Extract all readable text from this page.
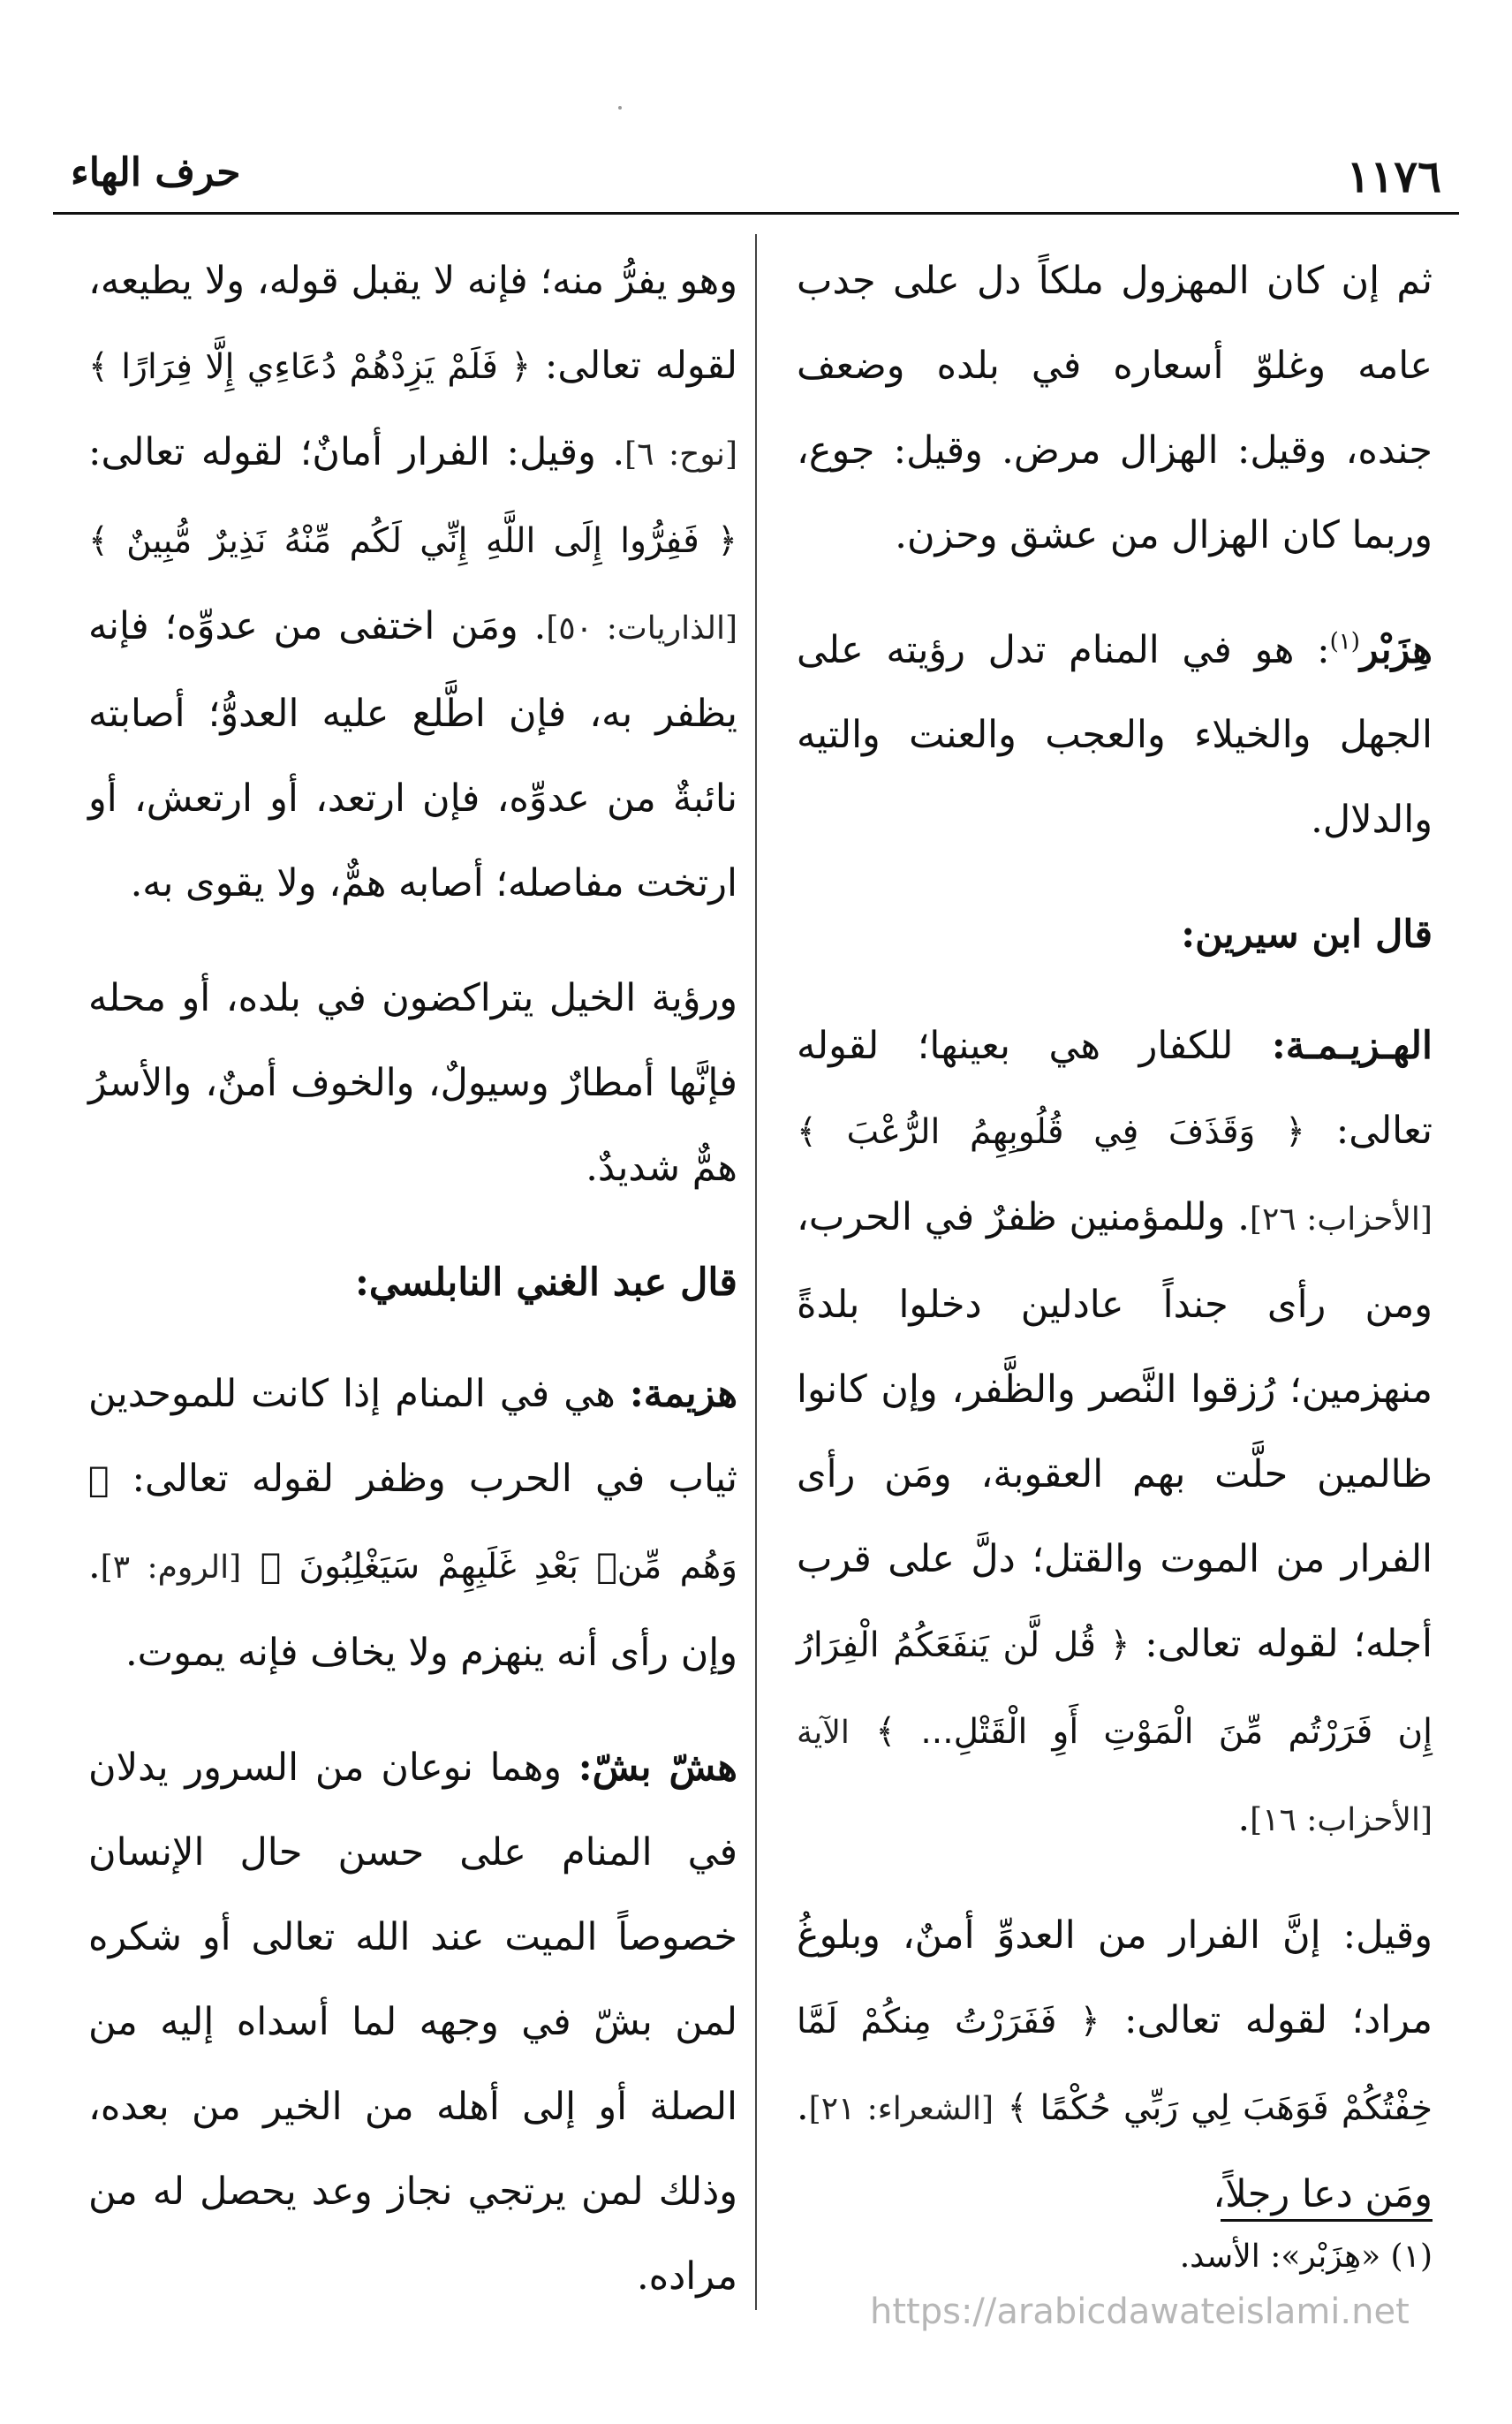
١١٧٦
حرف الهاء

ثم إن كان المهزول ملكاً دل على جدب عامه وغلوّ أسعاره في بلده وضعف جنده، وقيل: الهزال مرض. وقيل: جوع، وربما كان الهزال من عشق وحزن.

هِزَبْر$^{(١)}$: هو في المنام تدل رؤيته على الجهل والخيلاء والعجب والعنت والتيه والدلال.

قال ابن سيرين:

الهـزيـمـة: للكفار هي بعينها؛ لقوله تعالى: ﴿ وَقَذَفَ فِي قُلُوبِهِمُ الرُّعْبَ ﴾ [الأحزاب: ٢٦]. وللمؤمنين ظفرٌ في الحرب، ومن رأى جنداً عادلين دخلوا بلدةً منهزمين؛ رُزقوا النَّصر والظَّفر، وإن كانوا ظالمين حلَّت بهم العقوبة، ومَن رأى الفرار من الموت والقتل؛ دلَّ على قرب أجله؛ لقوله تعالى: ﴿ قُل لَّن يَنفَعَكُمُ الْفِرَارُ إِن فَرَرْتُم مِّنَ الْمَوْتِ أَوِ الْقَتْلِ... ﴾ الآية [الأحزاب: ١٦].

وقيل: إنَّ الفرار من العدوِّ أمنٌ، وبلوغُ مراد؛ لقوله تعالى: ﴿ فَفَرَرْتُ مِنكُمْ لَمَّا خِفْتُكُمْ فَوَهَبَ لِي رَبِّي حُكْمًا ﴾ [الشعراء: ٢١]. ومَن دعا رجلاً،

وهو يفرُّ منه؛ فإنه لا يقبل قوله، ولا يطيعه، لقوله تعالى: ﴿ فَلَمْ يَزِدْهُمْ دُعَاءِي إِلَّا فِرَارًا ﴾ [نوح: ٦]. وقيل: الفرار أمانٌ؛ لقوله تعالى: ﴿ فَفِرُّوا إِلَى اللَّهِ إِنِّي لَكُم مِّنْهُ نَذِيرٌ مُّبِينٌ ﴾ [الذاريات: ٥٠]. ومَن اختفى من عدوِّه؛ فإنه يظفر به، فإن اطَّلع عليه العدوُّ؛ أصابته نائبةٌ من عدوِّه، فإن ارتعد، أو ارتعش، أو ارتخت مفاصله؛ أصابه همٌّ، ولا يقوى به.

ورؤية الخيل يتراكضون في بلده، أو محله فإنَّها أمطارٌ وسيولٌ، والخوف أمنٌ، والأسرُ همٌّ شديدٌ.

قال عبد الغني النابلسي:

هزيمة: هي في المنام إذا كانت للموحدين ثياب في الحرب وظفر لقوله تعالى: ﴿ وَهُم مِّنۢ بَعْدِ غَلَبِهِمْ سَيَغْلِبُونَ ﴾ [الروم: ٣]. وإن رأى أنه ينهزم ولا يخاف فإنه يموت.

هشّ بشّ: وهما نوعان من السرور يدلان في المنام على حسن حال الإنسان خصوصاً الميت عند الله تعالى أو شكره لمن بشّ في وجهه لما أسداه إليه من الصلة أو إلى أهله من الخير من بعده، وذلك لمن يرتجي نجاز وعد يحصل له من مراده.	(١) «هِزَبْر»: الأسد.
https://arabicdawateislami.net
